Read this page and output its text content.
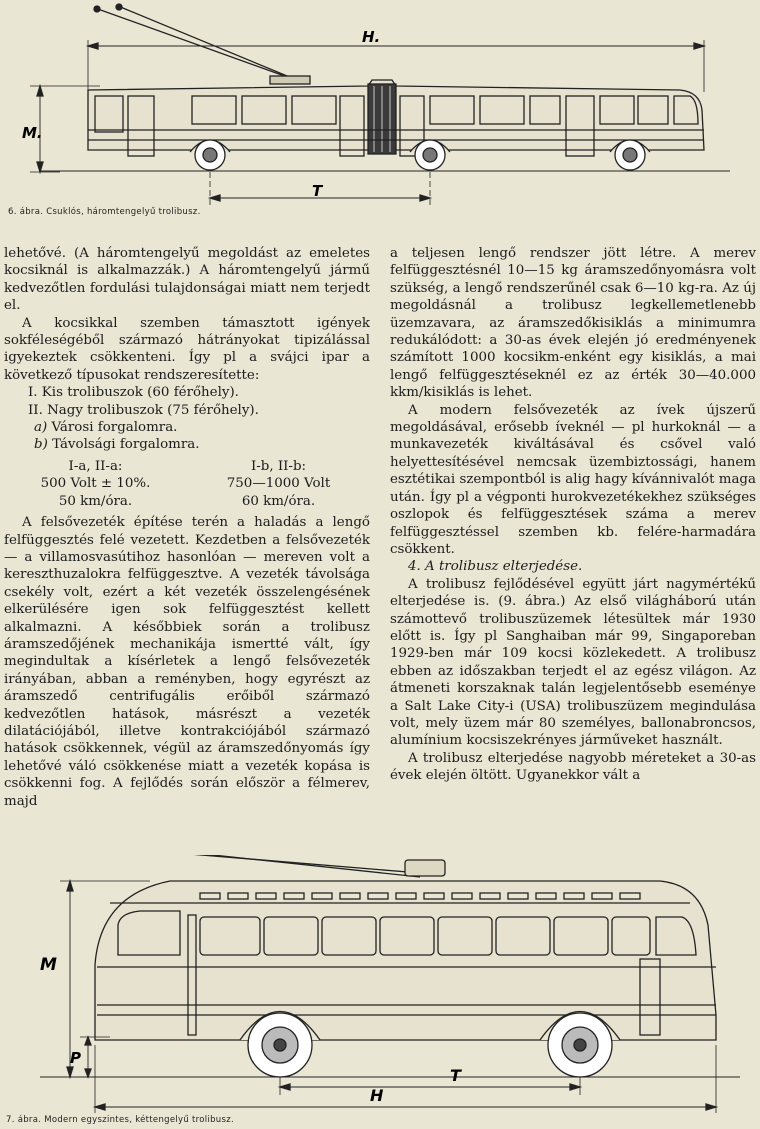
H.
M.
T
6. ábra. Csuklós, háromtengelyű trolibusz.

lehetővé. (A háromtengelyű megoldást az emeletes kocsiknál is alkalmazzák.) A háromtengelyű jármű kedvezőtlen fordulási tulajdonságai miatt nem terjedt el.

A kocsikkal szemben támasztott igények sokféleségéből származó hátrányokat tipizálással igyekeztek csökkenteni. Így pl a svájci ipar a következő típusokat rendszeresítette:

I. Kis trolibuszok (60 férőhely).
II. Nagy trolibuszok (75 férőhely).
a) Városi forgalomra.
b) Távolsági forgalomra.
I-a, II-a:	I-b, II-b:
500 Volt ± 10%.	750—1000 Volt
50 km/óra.	60 km/óra.

A felsővezeték építése terén a haladás a lengő felfüggesztés felé vezetett. Kezdetben a felsővezeték — a villamosvasútihoz hasonlóan — mereven volt a kereszthuzalokra felfüggesztve. A vezeték távolsága csekély volt, ezért a két vezeték összelengésének elkerülésére igen sok felfüggesztést kellett alkalmazni. A későbbiek során a trolibusz áramszedőjének mechanikája ismertté vált, így megindultak a kísérletek a lengő felsővezeték irányában, abban a reményben, hogy egyrészt az áramszedő centrifugális erőiből származó kedvezőtlen hatások, másrészt a vezeték dilatációjából, illetve kontrakciójából származó hatások csökkennek, végül az áramszedőnyomás így lehetővé váló csökkenése miatt a vezeték kopása is csökkenni fog. A fejlődés során először a félmerev, majd

a teljesen lengő rendszer jött létre. A merev felfüggesztésnél 10—15 kg áramszedőnyomásra volt szükség, a lengő rendszerűnél csak 6—10 kg-ra. Az új megoldásnál a trolibusz legkellemetlenebb üzemzavara, az áramszedőkisiklás a minimumra redukálódott: a 30-as évek elején jó eredményenek számított 1000 kocsikm-enként egy kisiklás, a mai lengő felfüggesztéseknél ez az érték 30—40.000 kkm/kisiklás is lehet.

A modern felsővezeték az ívek újszerű megoldásával, erősebb íveknél — pl hurkoknál — a munkavezeték kiváltásával és csővel való helyettesítésével nemcsak üzembiztossági, hanem esztétikai szempontból is alig hagy kívánnivalót maga után. Így pl a végponti hurokvezetékekhez szükséges oszlopok és felfüggesztések száma a merev felfüggesztéssel szemben kb. felére-harmadára csökkent.

4. A trolibusz elterjedése.

A trolibusz fejlődésével együtt járt nagymértékű elterjedése is. (9. ábra.) Az első világháború után számottevő trolibuszüzemek létesültek már 1930 előtt is. Így pl Sanghaiban már 99, Singaporeban 1929-ben már 109 kocsi közlekedett. A trolibusz ebben az időszakban terjedt el az egész világon. Az átmeneti korszaknak talán legjelentősebb eseménye a Salt Lake City-i (USA) trolibuszüzem megindulása volt, mely üzem már 80 személyes, ballonabroncsos, alumínium kocsiszekrényes járműveket használt.

A trolibusz elterjedése nagyobb méreteket a 30-as évek elején öltött. Ugyanekkor vált a

M
P
T
H
7. ábra. Modern egyszintes, kéttengelyű trolibusz.
